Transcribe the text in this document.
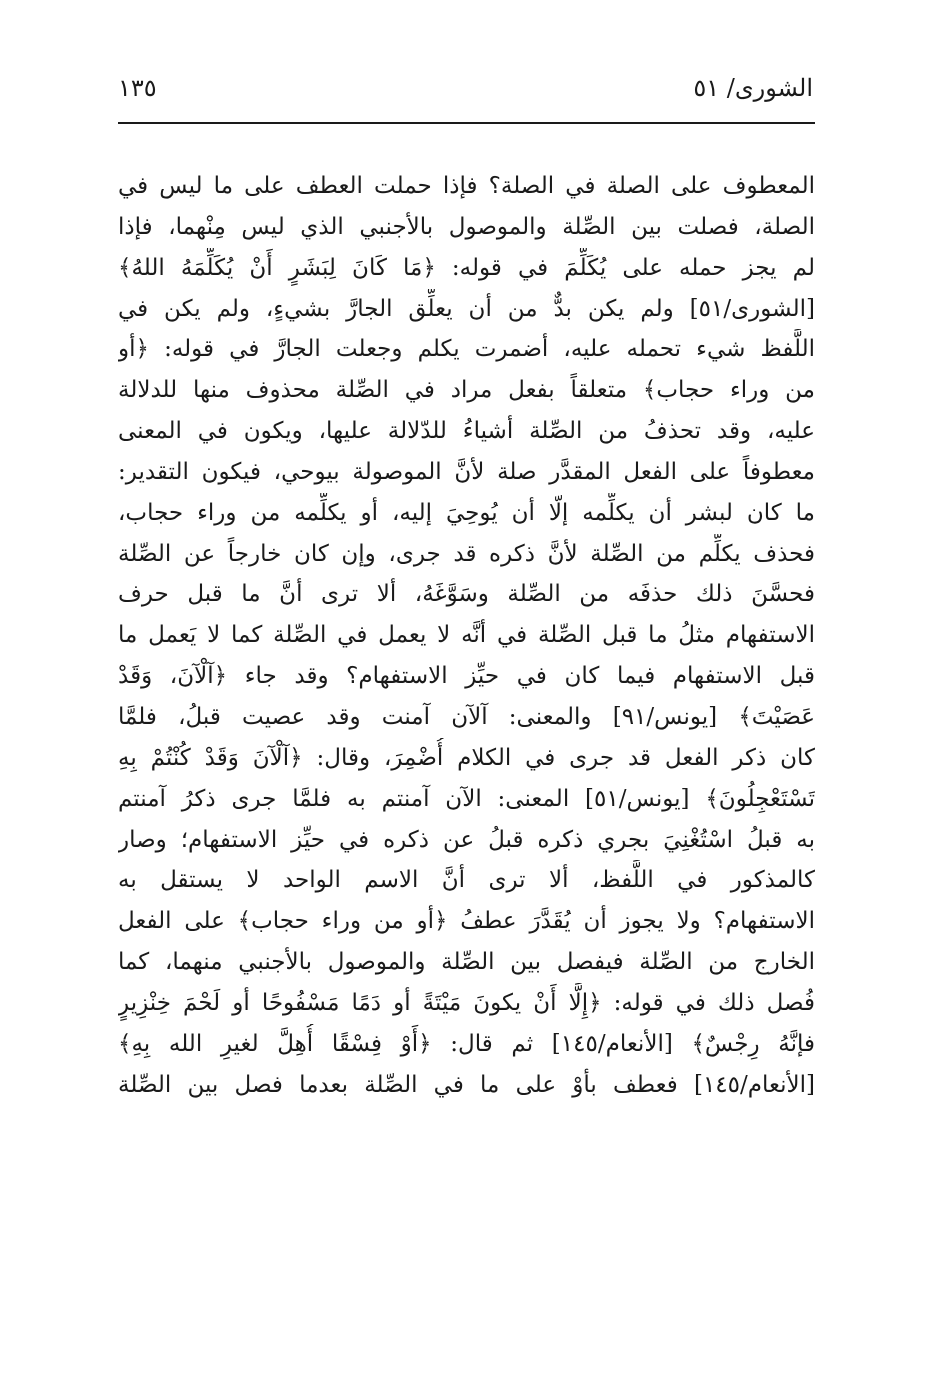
الشورى/ ٥١
١٣٥
المعطوف على الصلة في الصلة؟ فإذا حملت العطف على ما ليس في
الصلة، فصلت بين الصِّلة والموصول بالأجنبي الذي ليس مِنْهما، فإذا
لم يجز حمله على يُكَلِّمَ في قوله: ﴿مَا كَانَ لِبَشَرٍ أَنْ يُكَلِّمَهُ اللهُ﴾
[الشورى/٥١] ولم يكن بدٌّ من أن يعلِّق الجارَّ بشيءٍ، ولم يكن في
اللَّفظ شيء تحمله عليه، أضمرت يكلم وجعلت الجارَّ في قوله: ﴿أو
من وراء حجاب﴾ متعلقاً بفعل مراد في الصِّلة محذوف منها للدلالة
عليه، وقد تحذفُ من الصِّلة أشياءُ للدّلالة عليها، ويكون في المعنى
معطوفاً على الفعل المقدَّر صلة لأنَّ الموصولة بيوحي، فيكون التقدير:
ما كان لبشر أن يكلِّمه إلّا أن يُوحِيَ إليه، أو يكلِّمه من وراء حجاب،
فحذف يكلِّم من الصِّلة لأنَّ ذكره قد جرى، وإن كان خارجاً عن الصِّلة
فحسَّنَ ذلك حذفَه من الصِّلة وسَوَّغَهُ، ألا ترى أنَّ ما قبل حرف
الاستفهام مثلُ ما قبل الصِّلة في أنَّه لا يعمل في الصِّلة كما لا يَعمل ما
قبل الاستفهام فيما كان في حيِّز الاستفهام؟ وقد جاء ﴿آلْآنَ، وَقَدْ
عَصَيْتَ﴾ [يونس/٩١] والمعنى: آلآن آمنت وقد عصيت قبلُ، فلمَّا
كان ذكر الفعل قد جرى في الكلام أُضْمِرَ، وقال: ﴿آلْآنَ وَقَدْ كُنْتُمْ بِهِ
تَسْتَعْجِلُونَ﴾ [يونس/٥١] المعنى: الآن آمنتم به فلمَّا جرى ذكرُ آمنتم
به قبلُ اسْتُغْنِيَ بجري ذكره قبلُ عن ذكره في حيِّز الاستفهام؛ وصار
كالمذكور في اللَّفظ، ألا ترى أنَّ الاسم الواحد لا يستقل به
الاستفهام؟ ولا يجوز أن يُقَدَّرَ عطفُ ﴿أو من وراء حجاب﴾ على الفعل
الخارج من الصِّلة فيفصل بين الصِّلة والموصول بالأجنبي منهما، كما
فُصل ذلك في قوله: ﴿إِلَّا أَنْ يكونَ مَيْتَةً أو دَمًا مَسْفُوحًا أو لَحْمَ خِنْزِيرٍ
فإنَّهُ رِجْسٌ﴾ [الأنعام/١٤٥] ثم قال: ﴿أَوْ فِسْقًا أُهِلَّ لغيرِ الله بِهِ﴾
[الأنعام/١٤٥] فعطف بأوْ على ما في الصِّلة بعدما فصل بين الصِّلة
